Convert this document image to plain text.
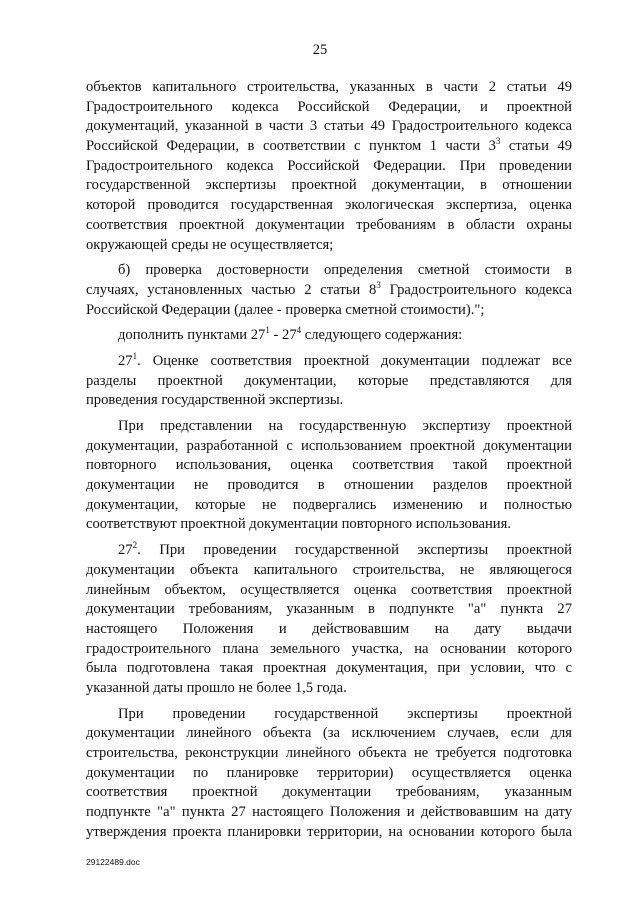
25
объектов капитального строительства, указанных в части 2 статьи 49
Градостроительного кодекса Российской Федерации, и проектной
документаций, указанной в части 3 статьи 49 Градостроительного кодекса
Российской Федерации, в соответствии с пунктом 1 части $3^3$ статьи 49
Градостроительного кодекса Российской Федерации. При проведении
государственной экспертизы проектной документации, в отношении
которой проводится государственная экологическая экспертиза, оценка
соответствия проектной документации требованиям в области охраны
окружающей среды не осуществляется;
б) проверка достоверности определения сметной стоимости в
случаях, установленных частью 2 статьи $8^3$ Градостроительного кодекса
Российской Федерации (далее - проверка сметной стоимости).";
дополнить пунктами $27^1 - 27^4$ следующего содержания:
$27^1$. Оценке соответствия проектной документации подлежат все
разделы проектной документации, которые представляются для
проведения государственной экспертизы.
При представлении на государственную экспертизу проектной
документации, разработанной с использованием проектной документации
повторного использования, оценка соответствия такой проектной
документации не проводится в отношении разделов проектной
документации, которые не подвергались изменению и полностью
соответствуют проектной документации повторного использования.
$27^2$. При проведении государственной экспертизы проектной
документации объекта капитального строительства, не являющегося
линейным объектом, осуществляется оценка соответствия проектной
документации требованиям, указанным в подпункте "а" пункта 27
настоящего Положения и действовавшим на дату выдачи
градостроительного плана земельного участка, на основании которого
была подготовлена такая проектная документация, при условии, что с
указанной даты прошло не более 1,5 года.
При проведении государственной экспертизы проектной
документации линейного объекта (за исключением случаев, если для
строительства, реконструкции линейного объекта не требуется подготовка
документации по планировке территории) осуществляется оценка
соответствия проектной документации требованиям, указанным
подпункте "а" пункта 27 настоящего Положения и действовавшим на дату
утверждения проекта планировки территории, на основании которого была
29122489.doc
